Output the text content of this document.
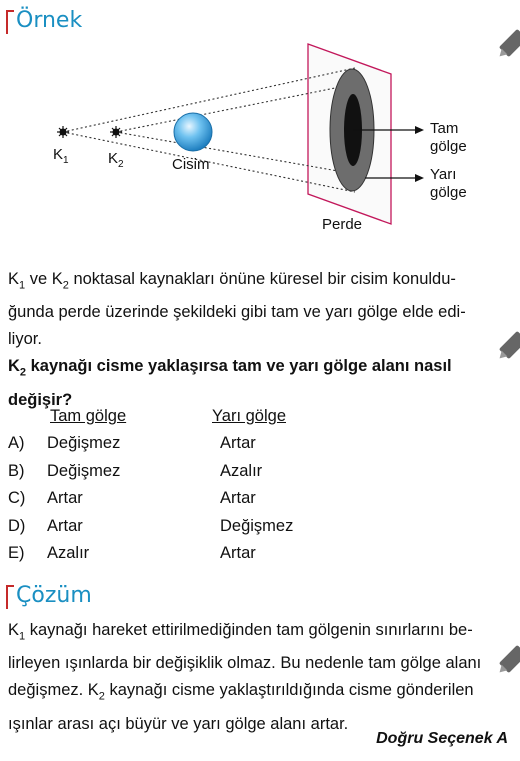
Örnek
$K_1$	$K_2$	Cisim
Perde
Tam
gölge
Yarı
gölge
$K_1$ ve $K_2$ noktasal kaynakları önüne küresel bir cisim konuldu-
ğunda perde üzerinde şekildeki gibi tam ve yarı gölge elde edi-
liyor.
$K_2$ kaynağı cisme yaklaşırsa tam ve yarı gölge alanı nasıl
değişir?
Tam gölge	Yarı gölge
A) Değişmez	Artar
B) Değişmez	Azalır
C) Artar	Artar
D) Artar	Değişmez
E) Azalır	Artar
Çözüm
$K_1$ kaynağı hareket ettirilmediğinden tam gölgenin sınırlarını be-
lirleyen ışınlarda bir değişiklik olmaz. Bu nedenle tam gölge alanı
değişmez. $K_2$ kaynağı cisme yaklaştırıldığında cisme gönderilen
ışınlar arası açı büyür ve yarı gölge alanı artar.
Doğru Seçenek A
